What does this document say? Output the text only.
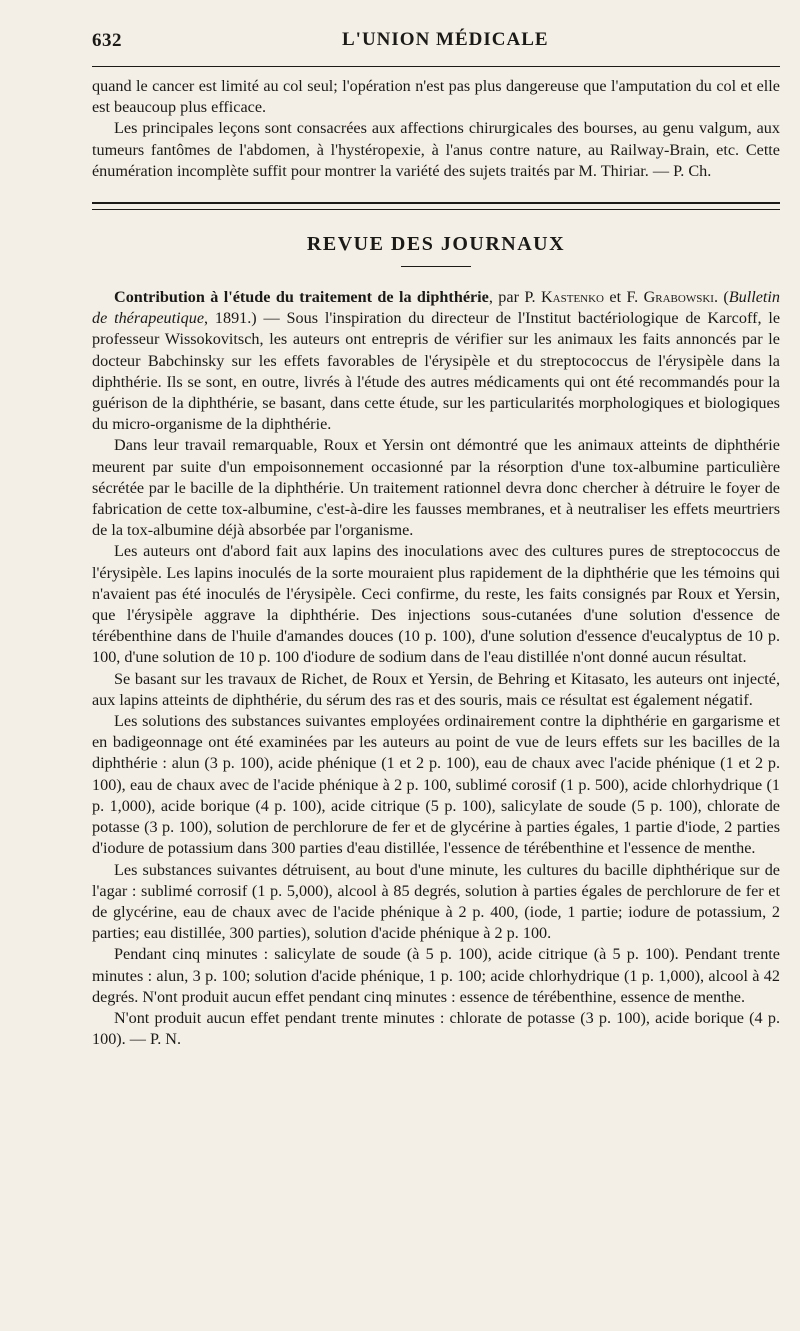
632	L'UNION MÉDICALE

quand le cancer est limité au col seul; l'opération n'est pas plus dangereuse que l'amputation du col et elle est beaucoup plus efficace.

Les principales leçons sont consacrées aux affections chirurgicales des bourses, au genu valgum, aux tumeurs fantômes de l'abdomen, à l'hystéropexie, à l'anus contre nature, au Railway-Brain, etc. Cette énumération incomplète suffit pour montrer la variété des sujets traités par M. Thiriar. — P. Ch.

REVUE DES JOURNAUX

Contribution à l'étude du traitement de la diphthérie, par P. Kastenko et F. Grabowski. (Bulletin de thérapeutique, 1891.) — Sous l'inspiration du directeur de l'Institut bactériologique de Karcoff, le professeur Wissokovitsch, les auteurs ont entrepris de vérifier sur les animaux les faits annoncés par le docteur Babchinsky sur les effets favorables de l'érysipèle et du streptococcus de l'érysipèle dans la diphthérie. Ils se sont, en outre, livrés à l'étude des autres médicaments qui ont été recommandés pour la guérison de la diphthérie, se basant, dans cette étude, sur les particularités morphologiques et biologiques du micro-organisme de la diphthérie.

Dans leur travail remarquable, Roux et Yersin ont démontré que les animaux atteints de diphthérie meurent par suite d'un empoisonnement occasionné par la résorption d'une tox-albumine particulière sécrétée par le bacille de la diphthérie. Un traitement rationnel devra donc chercher à détruire le foyer de fabrication de cette tox-albumine, c'est-à-dire les fausses membranes, et à neutraliser les effets meurtriers de la tox-albumine déjà absorbée par l'organisme.

Les auteurs ont d'abord fait aux lapins des inoculations avec des cultures pures de streptococcus de l'érysipèle. Les lapins inoculés de la sorte mouraient plus rapidement de la diphthérie que les témoins qui n'avaient pas été inoculés de l'érysipèle. Ceci confirme, du reste, les faits consignés par Roux et Yersin, que l'érysipèle aggrave la diphthérie. Des injections sous-cutanées d'une solution d'essence de térébenthine dans de l'huile d'amandes douces (10 p. 100), d'une solution d'essence d'eucalyptus de 10 p. 100, d'une solution de 10 p. 100 d'iodure de sodium dans de l'eau distillée n'ont donné aucun résultat.

Se basant sur les travaux de Richet, de Roux et Yersin, de Behring et Kitasato, les auteurs ont injecté, aux lapins atteints de diphthérie, du sérum des ras et des souris, mais ce résultat est également négatif.

Les solutions des substances suivantes employées ordinairement contre la diphthérie en gargarisme et en badigeonnage ont été examinées par les auteurs au point de vue de leurs effets sur les bacilles de la diphthérie : alun (3 p. 100), acide phénique (1 et 2 p. 100), eau de chaux avec l'acide phénique (1 et 2 p. 100), eau de chaux avec de l'acide phénique à 2 p. 100, sublimé corosif (1 p. 500), acide chlorhydrique (1 p. 1,000), acide borique (4 p. 100), acide citrique (5 p. 100), salicylate de soude (5 p. 100), chlorate de potasse (3 p. 100), solution de perchlorure de fer et de glycérine à parties égales, 1 partie d'iode, 2 parties d'iodure de potassium dans 300 parties d'eau distillée, l'essence de térébenthine et l'essence de menthe.

Les substances suivantes détruisent, au bout d'une minute, les cultures du bacille diphthérique sur de l'agar : sublimé corrosif (1 p. 5,000), alcool à 85 degrés, solution à parties égales de perchlorure de fer et de glycérine, eau de chaux avec de l'acide phénique à 2 p. 400, (iode, 1 partie; iodure de potassium, 2 parties; eau distillée, 300 parties), solution d'acide phénique à 2 p. 100.

Pendant cinq minutes : salicylate de soude (à 5 p. 100), acide citrique (à 5 p. 100). Pendant trente minutes : alun, 3 p. 100; solution d'acide phénique, 1 p. 100; acide chlorhydrique (1 p. 1,000), alcool à 42 degrés. N'ont produit aucun effet pendant cinq minutes : essence de térébenthine, essence de menthe.

N'ont produit aucun effet pendant trente minutes : chlorate de potasse (3 p. 100), acide borique (4 p. 100). — P. N.
